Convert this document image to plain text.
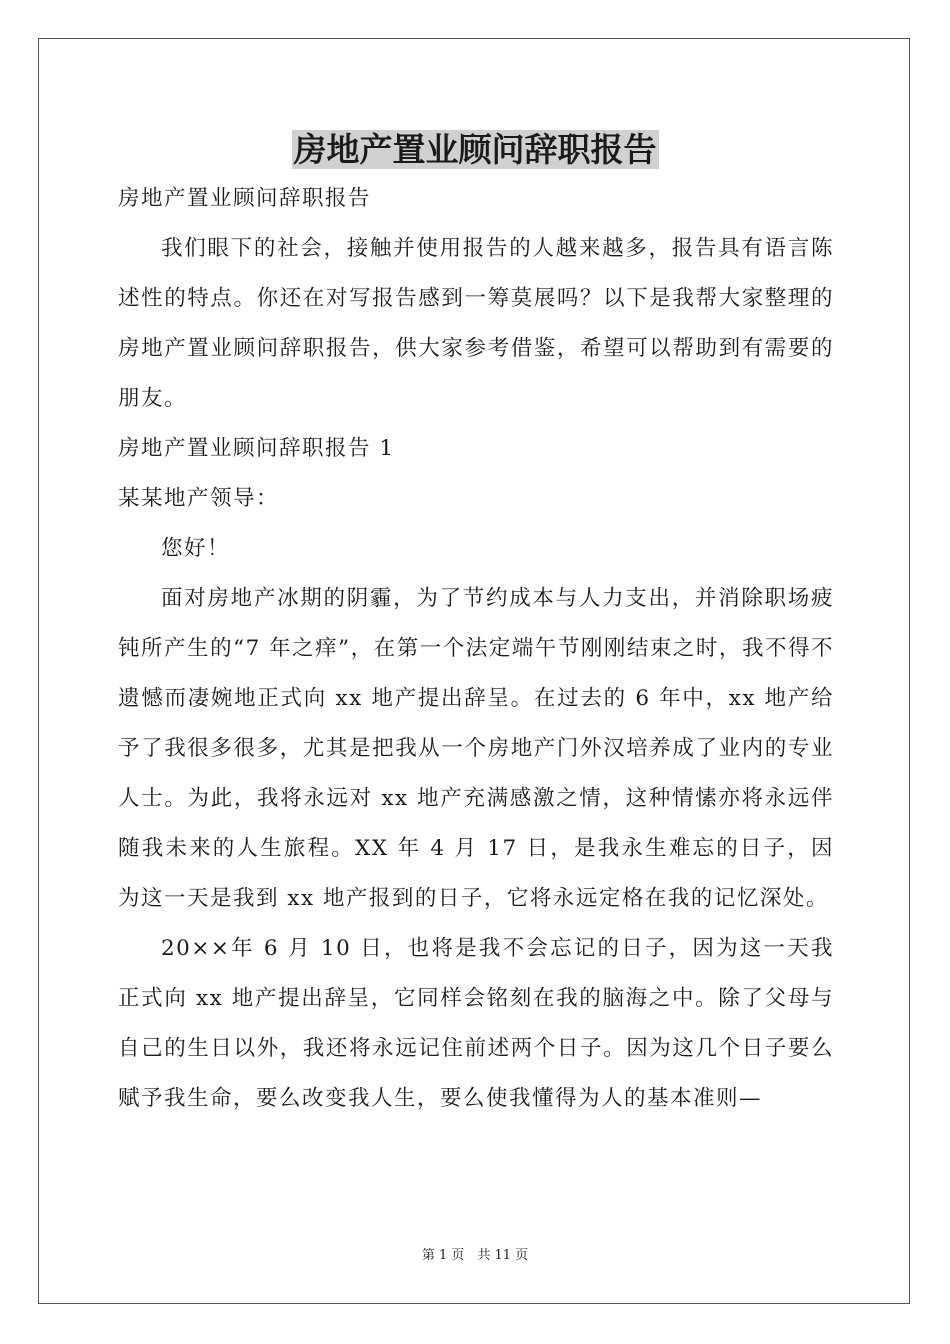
房地产置业顾问辞职报告

房地产置业顾问辞职报告

我们眼下的社会，接触并使用报告的人越来越多，报告具有语言陈述性的特点。你还在对写报告感到一筹莫展吗？以下是我帮大家整理的房地产置业顾问辞职报告，供大家参考借鉴，希望可以帮助到有需要的朋友。

房地产置业顾问辞职报告 1

某某地产领导：

您好！

面对房地产冰期的阴霾，为了节约成本与人力支出，并消除职场疲钝所产生的“7 年之痒”，在第一个法定端午节刚刚结束之时，我不得不遗憾而凄婉地正式向 xx 地产提出辞呈。在过去的 6 年中，xx 地产给予了我很多很多，尤其是把我从一个房地产门外汉培养成了业内的专业人士。为此，我将永远对 xx 地产充满感激之情，这种情愫亦将永远伴随我未来的人生旅程。XX 年 4 月 17 日，是我永生难忘的日子，因为这一天是我到 xx 地产报到的日子，它将永远定格在我的记忆深处。

20××年 6 月 10 日，也将是我不会忘记的日子，因为这一天我正式向 xx 地产提出辞呈，它同样会铭刻在我的脑海之中。除了父母与自己的生日以外，我还将永远记住前述两个日子。因为这几个日子要么赋予我生命，要么改变我人生，要么使我懂得为人的基本准则—

第 1 页　共 11 页
